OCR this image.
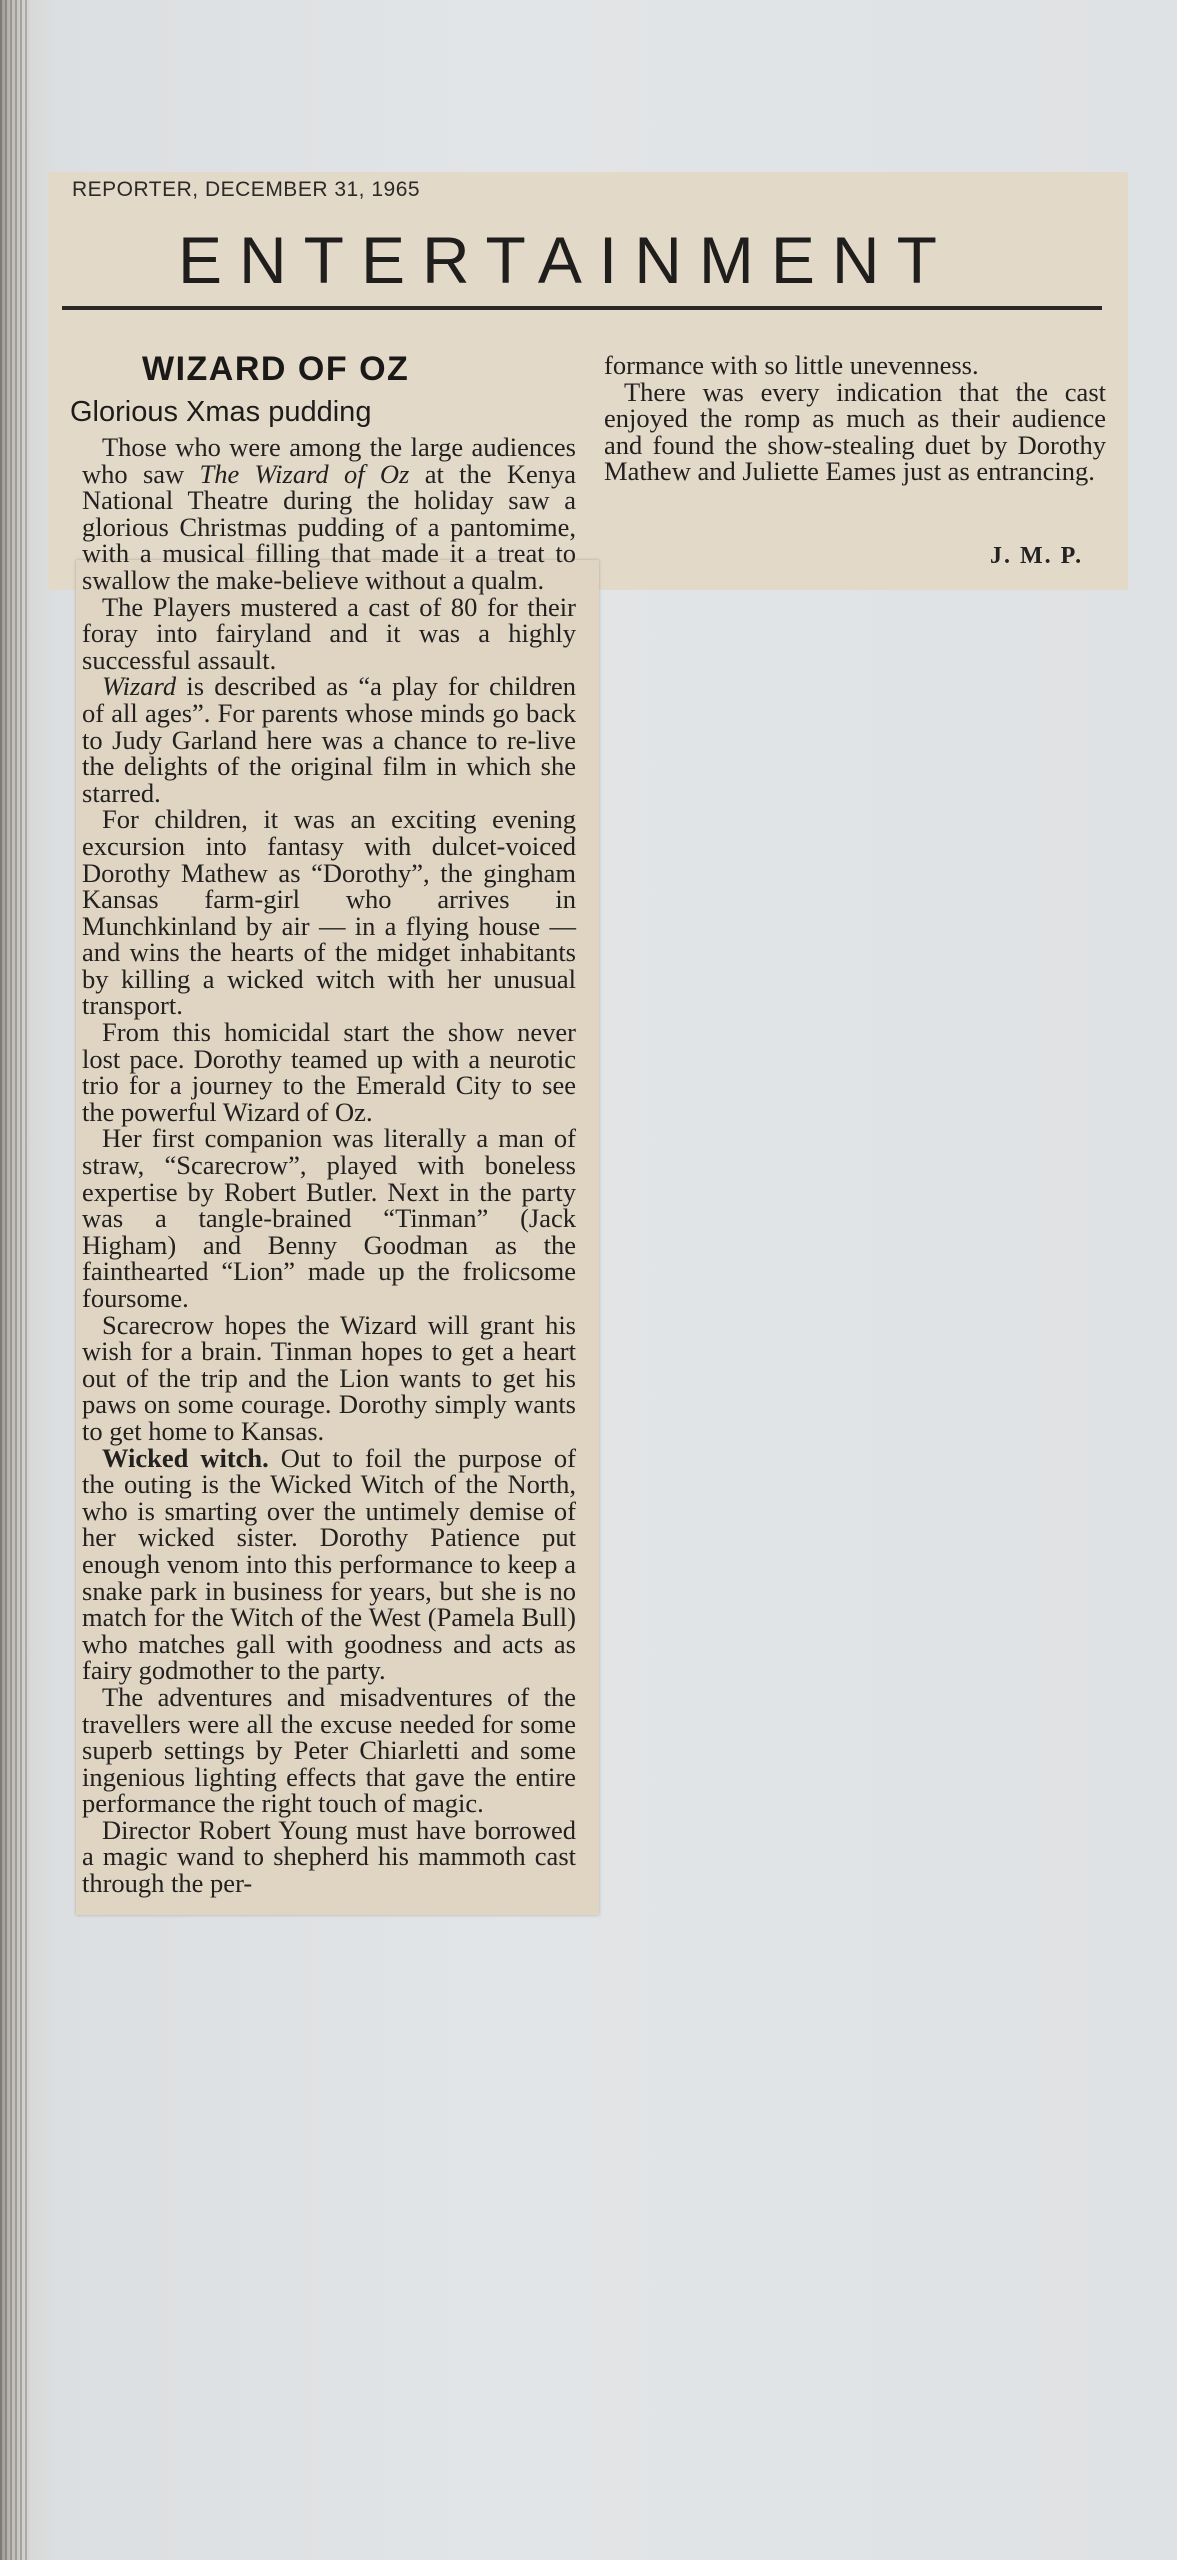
REPORTER, DECEMBER 31, 1965
ENTERTAINMENT
WIZARD OF OZ
Glorious Xmas pudding

Those who were among the large audiences who saw The Wizard of Oz at the Kenya National Theatre during the holiday saw a glorious Christmas pudding of a pantomime, with a musical filling that made it a treat to swallow the make-believe without a qualm.

The Players mustered a cast of 80 for their foray into fairyland and it was a highly successful assault.

Wizard is described as “a play for children of all ages”. For parents whose minds go back to Judy Garland here was a chance to re-live the delights of the original film in which she starred.

For children, it was an exciting evening excursion into fantasy with dulcet-voiced Dorothy Mathew as “Dorothy”, the gingham Kansas farm-girl who arrives in Munchkinland by air — in a flying house — and wins the hearts of the midget inhabitants by killing a wicked witch with her unusual transport.

From this homicidal start the show never lost pace. Dorothy teamed up with a neurotic trio for a journey to the Emerald City to see the powerful Wizard of Oz.

Her first companion was literally a man of straw, “Scarecrow”, played with boneless expertise by Robert Butler. Next in the party was a tangle-brained “Tinman” (Jack Higham) and Benny Goodman as the fainthearted “Lion” made up the frolicsome foursome.

Scarecrow hopes the Wizard will grant his wish for a brain. Tinman hopes to get a heart out of the trip and the Lion wants to get his paws on some courage. Dorothy simply wants to get home to Kansas.

Wicked witch. Out to foil the purpose of the outing is the Wicked Witch of the North, who is smarting over the untimely demise of her wicked sister. Dorothy Patience put enough venom into this performance to keep a snake park in business for years, but she is no match for the Witch of the West (Pamela Bull) who matches gall with goodness and acts as fairy godmother to the party.

The adventures and misadventures of the travellers were all the excuse needed for some superb settings by Peter Chiarletti and some ingenious lighting effects that gave the entire performance the right touch of magic.

Director Robert Young must have borrowed a magic wand to shepherd his mammoth cast through the per-

formance with so little unevenness.

There was every indication that the cast enjoyed the romp as much as their audience and found the show-stealing duet by Dorothy Mathew and Juliette Eames just as entrancing.

J. M. P.
